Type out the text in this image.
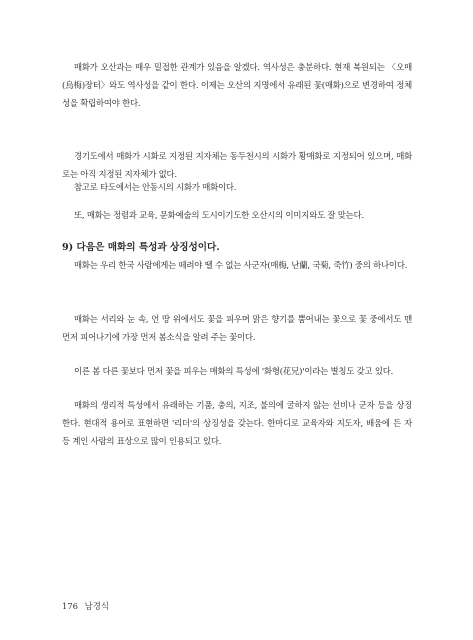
매화가 오산과는 매우 밀접한 관계가 있음을 알겠다. 역사성은 충분하다. 현재 복원되는 〈오매(烏梅)장터〉와도 역사성을 같이 한다. 이제는 오산의 지명에서 유래된 꽃(매화)으로 변경하여 정체성을 확립하여야 한다.

경기도에서 매화가 시화로 지정된 지자체는 동두천시의 시화가 황매화로 지정되어 있으며, 매화로는 아직 지정된 지자체가 없다.

참고로 타도에서는 안동시의 시화가 매화이다.

또, 매화는 정렴과 교육, 문화예술의 도시이기도한 오산시의 이미지와도 잘 맞는다.

9) 다음은 매화의 특성과 상징성이다.

매화는 우리 한국 사람에게는 떼려야 뗄 수 없는 사군자(매梅, 난蘭, 국菊, 죽竹) 중의 하나이다.

매화는 서리와 눈 속, 언 땅 위에서도 꽃을 피우며 맑은 향기를 뿜어내는 꽃으로 꽃 중에서도 맨 먼저 피어나기에 가장 먼저 봄소식을 알려 주는 꽃이다.

이른 봄 다른 꽃보다 먼저 꽃을 피우는 매화의 특성에 '화형(花兄)'이라는 별칭도 갖고 있다.

매화의 생리적 특성에서 유래하는 기품, 충의, 지조, 불의에 굴하지 않는 선비나 군자 등을 상징한다. 현대적 용어로 표현하면 '리더'의 상징성을 갖는다. 한마디로 교육자와 지도자, 배움에 든 자 등 계인 사람의 표상으로 많이 인용되고 있다.

176 남경식
